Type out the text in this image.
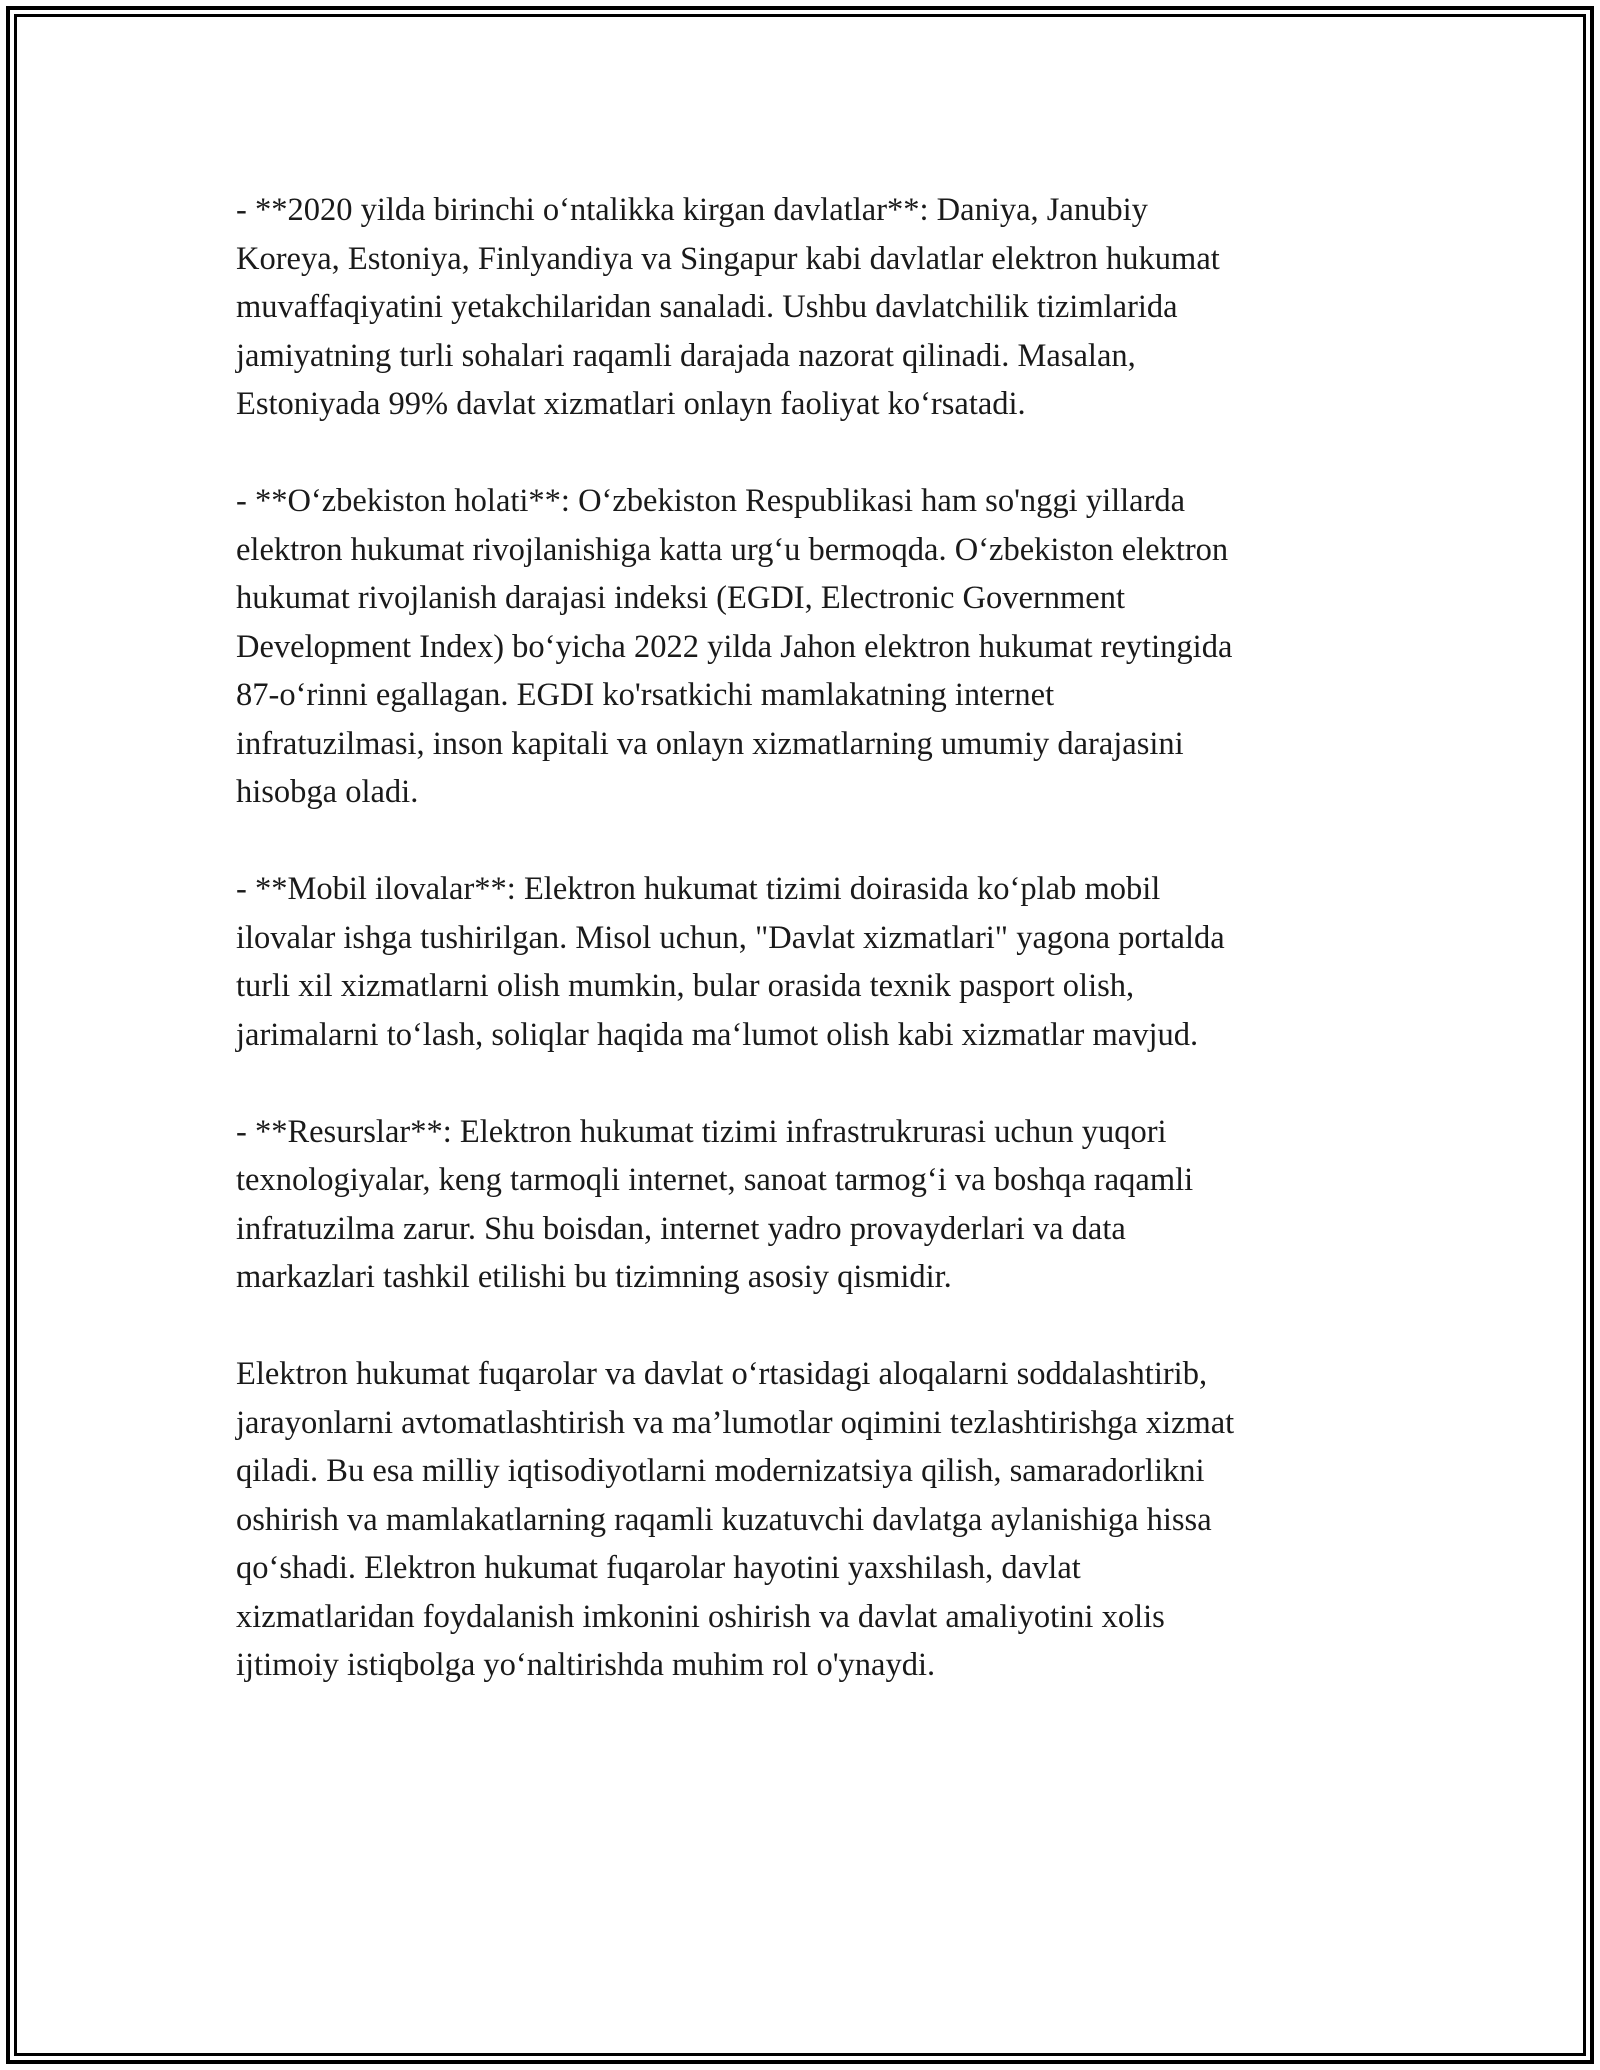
- **2020 yilda birinchi o‘ntalikka kirgan davlatlar**: Daniya, Janubiy
Koreya, Estoniya, Finlyandiya va Singapur kabi davlatlar elektron hukumat
muvaffaqiyatini yetakchilaridan sanaladi. Ushbu davlatchilik tizimlarida
jamiyatning turli sohalari raqamli darajada nazorat qilinadi. Masalan,
Estoniyada 99% davlat xizmatlari onlayn faoliyat ko‘rsatadi.

- **O‘zbekiston holati**: O‘zbekiston Respublikasi ham so'nggi yillarda
elektron hukumat rivojlanishiga katta urg‘u bermoqda. O‘zbekiston elektron
hukumat rivojlanish darajasi indeksi (EGDI, Electronic Government
Development Index) bo‘yicha 2022 yilda Jahon elektron hukumat reytingida
87-o‘rinni egallagan. EGDI ko'rsatkichi mamlakatning internet
infratuzilmasi, inson kapitali va onlayn xizmatlarning umumiy darajasini
hisobga oladi.

- **Mobil ilovalar**: Elektron hukumat tizimi doirasida ko‘plab mobil
ilovalar ishga tushirilgan. Misol uchun, "Davlat xizmatlari" yagona portalda
turli xil xizmatlarni olish mumkin, bular orasida texnik pasport olish,
jarimalarni to‘lash, soliqlar haqida ma‘lumot olish kabi xizmatlar mavjud.

- **Resurslar**: Elektron hukumat tizimi infrastrukrurasi uchun yuqori
texnologiyalar, keng tarmoqli internet, sanoat tarmog‘i va boshqa raqamli
infratuzilma zarur. Shu boisdan, internet yadro provayderlari va data
markazlari tashkil etilishi bu tizimning asosiy qismidir.

Elektron hukumat fuqarolar va davlat o‘rtasidagi aloqalarni soddalashtirib,
jarayonlarni avtomatlashtirish va ma’lumotlar oqimini tezlashtirishga xizmat
qiladi. Bu esa milliy iqtisodiyotlarni modernizatsiya qilish, samaradorlikni
oshirish va mamlakatlarning raqamli kuzatuvchi davlatga aylanishiga hissa
qo‘shadi. Elektron hukumat fuqarolar hayotini yaxshilash, davlat
xizmatlaridan foydalanish imkonini oshirish va davlat amaliyotini xolis
ijtimoiy istiqbolga yo‘naltirishda muhim rol o'ynaydi.
